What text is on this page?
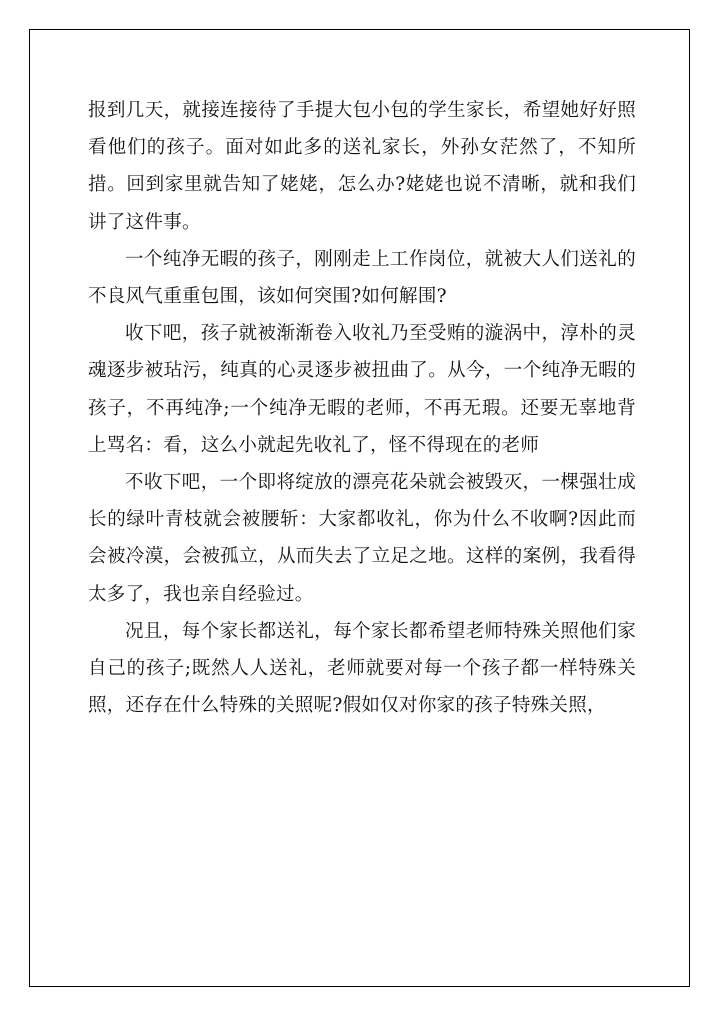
报到几天，就接连接待了手提大包小包的学生家长，希望她好好照看他们的孩子。面对如此多的送礼家长，外孙女茫然了，不知所措。回到家里就告知了姥姥，怎么办?姥姥也说不清晰，就和我们讲了这件事。

一个纯净无暇的孩子，刚刚走上工作岗位，就被大人们送礼的不良风气重重包围，该如何突围?如何解围?

收下吧，孩子就被渐渐卷入收礼乃至受贿的漩涡中，淳朴的灵魂逐步被玷污，纯真的心灵逐步被扭曲了。从今，一个纯净无暇的孩子，不再纯净;一个纯净无暇的老师，不再无瑕。还要无辜地背上骂名：看，这么小就起先收礼了，怪不得现在的老师

不收下吧，一个即将绽放的漂亮花朵就会被毁灭，一棵强壮成长的绿叶青枝就会被腰斩：大家都收礼，你为什么不收啊?因此而会被冷漠，会被孤立，从而失去了立足之地。这样的案例，我看得太多了，我也亲自经验过。

况且，每个家长都送礼，每个家长都希望老师特殊关照他们家自己的孩子;既然人人送礼，老师就要对每一个孩子都一样特殊关照，还存在什么特殊的关照呢?假如仅对你家的孩子特殊关照，
